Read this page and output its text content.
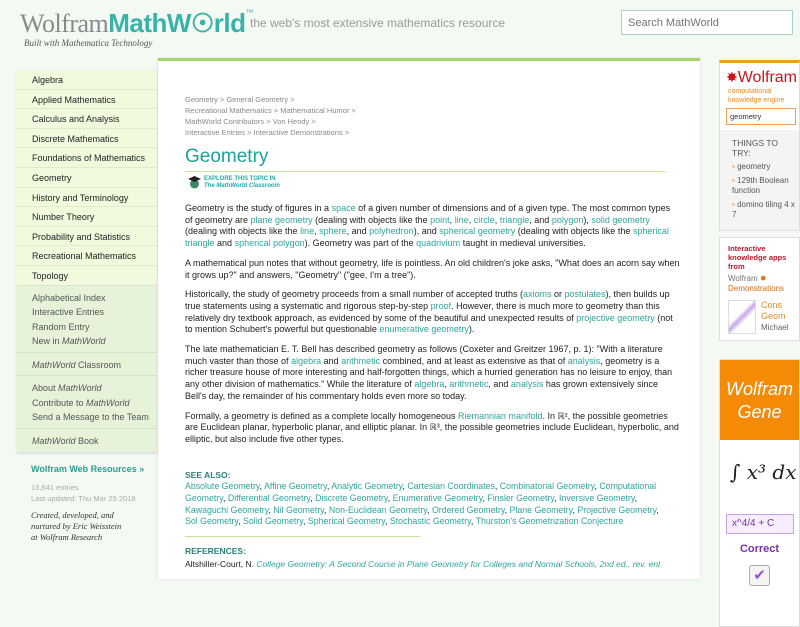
WolframMathW☉rld™
Built with Mathematica Technology
the web's most extensive mathematics resource
Search MathWorld
Algebra
Applied Mathematics
Calculus and Analysis
Discrete Mathematics
Foundations of Mathematics
Geometry
History and Terminology
Number Theory
Probability and Statistics
Recreational Mathematics
Topology
Alphabetical Index
Interactive Entries
Random Entry
New in MathWorld
MathWorld Classroom
About MathWorld
Contribute to MathWorld
Send a Message to the Team
MathWorld Book
Wolfram Web Resources »
13,641 entries
Last updated: Thu Mar 29 2018
Created, developed, and
nurtured by Eric Weisstein
at Wolfram Research
Geometry > General Geometry >
Recreational Mathematics > Mathematical Humor >
MathWorld Contributors > Von Hendy >
Interactive Entries > Interactive Demonstrations >
Geometry
EXPLORE THIS TOPIC IN
The MathWorld Classroom

Geometry is the study of figures in a space of a given number of dimensions and of a given type. The most common types of geometry are plane geometry (dealing with objects like the point, line, circle, triangle, and polygon), solid geometry (dealing with objects like the line, sphere, and polyhedron), and spherical geometry (dealing with objects like the spherical triangle and spherical polygon). Geometry was part of the quadrivium taught in medieval universities.

A mathematical pun notes that without geometry, life is pointless. An old children's joke asks, "What does an acorn say when it grows up?" and answers, "Geometry" ("gee, I'm a tree").

Historically, the study of geometry proceeds from a small number of accepted truths (axioms or postulates), then builds up true statements using a systematic and rigorous step-by-step proof. However, there is much more to geometry than this relatively dry textbook approach, as evidenced by some of the beautiful and unexpected results of projective geometry (not to mention Schubert's powerful but questionable enumerative geometry).

The late mathematician E. T. Bell has described geometry as follows (Coxeter and Greitzer 1967, p. 1): "With a literature much vaster than those of algebra and arithmetic combined, and at least as extensive as that of analysis, geometry is a richer treasure house of more interesting and half-forgotten things, which a hurried generation has no leisure to enjoy, than any other division of mathematics." While the literature of algebra, arithmetic, and analysis has grown extensively since Bell's day, the remainder of his commentary holds even more so today.

Formally, a geometry is defined as a complete locally homogeneous Riemannian manifold. In ℝ², the possible geometries are Euclidean planar, hyperbolic planar, and elliptic planar. In ℝ³, the possible geometries include Euclidean, hyperbolic, and elliptic, but also include five other types.

SEE ALSO:
Absolute Geometry, Affine Geometry, Analytic Geometry, Cartesian Coordinates, Combinatorial Geometry, Computational Geometry, Differential Geometry, Discrete Geometry, Enumerative Geometry, Finsler Geometry, Inversive Geometry, Kawaguchi Geometry, Nil Geometry, Non-Euclidean Geometry, Ordered Geometry, Plane Geometry, Projective Geometry, Sol Geometry, Solid Geometry, Spherical Geometry, Stochastic Geometry, Thurston's Geometrization Conjecture
REFERENCES:
Altshiller-Court, N. College Geometry: A Second Course in Plane Geometry for Colleges and Normal Schools, 2nd ed., rev. enl.
✸Wolfram
computational knowledge engine
geometry
THINGS TO TRY:
▪ geometry
▪ 129th Boolean function
▪ domino tiling 4 x 7
Interactive knowledge apps from
Wolfram ✸ Demonstrations
Cons
Geom
Michael
Wolfram
Gene
∫ x³ dx
x^4/4 + C
Correct
✔
